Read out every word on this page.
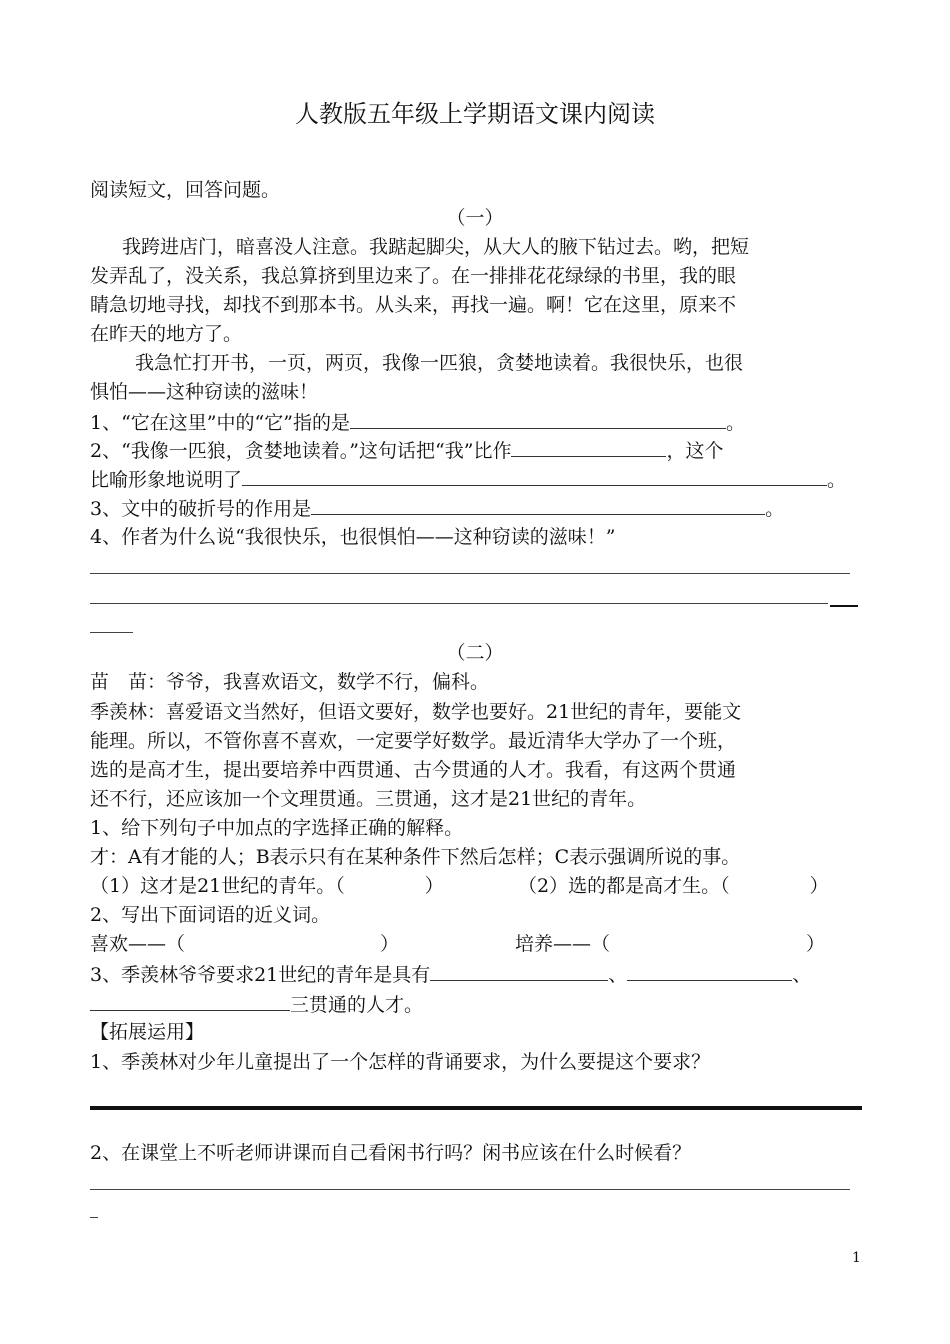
人教版五年级上学期语文课内阅读
阅读短文，回答问题。
（一）
我跨进店门，暗喜没人注意。我踮起脚尖，从大人的腋下钻过去。哟，把短
发弄乱了，没关系，我总算挤到里边来了。在一排排花花绿绿的书里，我的眼
睛急切地寻找，却找不到那本书。从头来，再找一遍。啊！它在这里，原来不
在昨天的地方了。
我急忙打开书，一页，两页，我像一匹狼，贪婪地读着。我很快乐，也很
惧怕——这种窃读的滋味！
1、“它在这里”中的“它”指的是	。
2、“我像一匹狼，贪婪地读着。”这句话把“我”比作	，这个
比喻形象地说明了	。
3、文中的破折号的作用是	。
4、作者为什么说“我很快乐，也很惧怕——这种窃读的滋味！”
（二）
苗　苗：爷爷，我喜欢语文，数学不行，偏科。
季羡林：喜爱语文当然好，但语文要好，数学也要好。21世纪的青年，要能文
能理。所以，不管你喜不喜欢，一定要学好数学。最近清华大学办了一个班，
选的是高才生，提出要培养中西贯通、古今贯通的人才。我看，有这两个贯通
还不行，还应该加一个文理贯通。三贯通，这才是21世纪的青年。
1、给下列句子中加点的字选择正确的解释。
才：A有才能的人；B表示只有在某种条件下然后怎样；C表示强调所说的事。
（1）这才是21世纪的青年。（	）	（2）选的都是高才生。（	）
2、写出下面词语的近义词。
喜欢——（	）	培养——（	）
3、季羡林爷爷要求21世纪的青年是具有	、	、
三贯通的人才。
【拓展运用】
1、季羡林对少年儿童提出了一个怎样的背诵要求，为什么要提这个要求？
2、在课堂上不听老师讲课而自己看闲书行吗？闲书应该在什么时候看？
1
